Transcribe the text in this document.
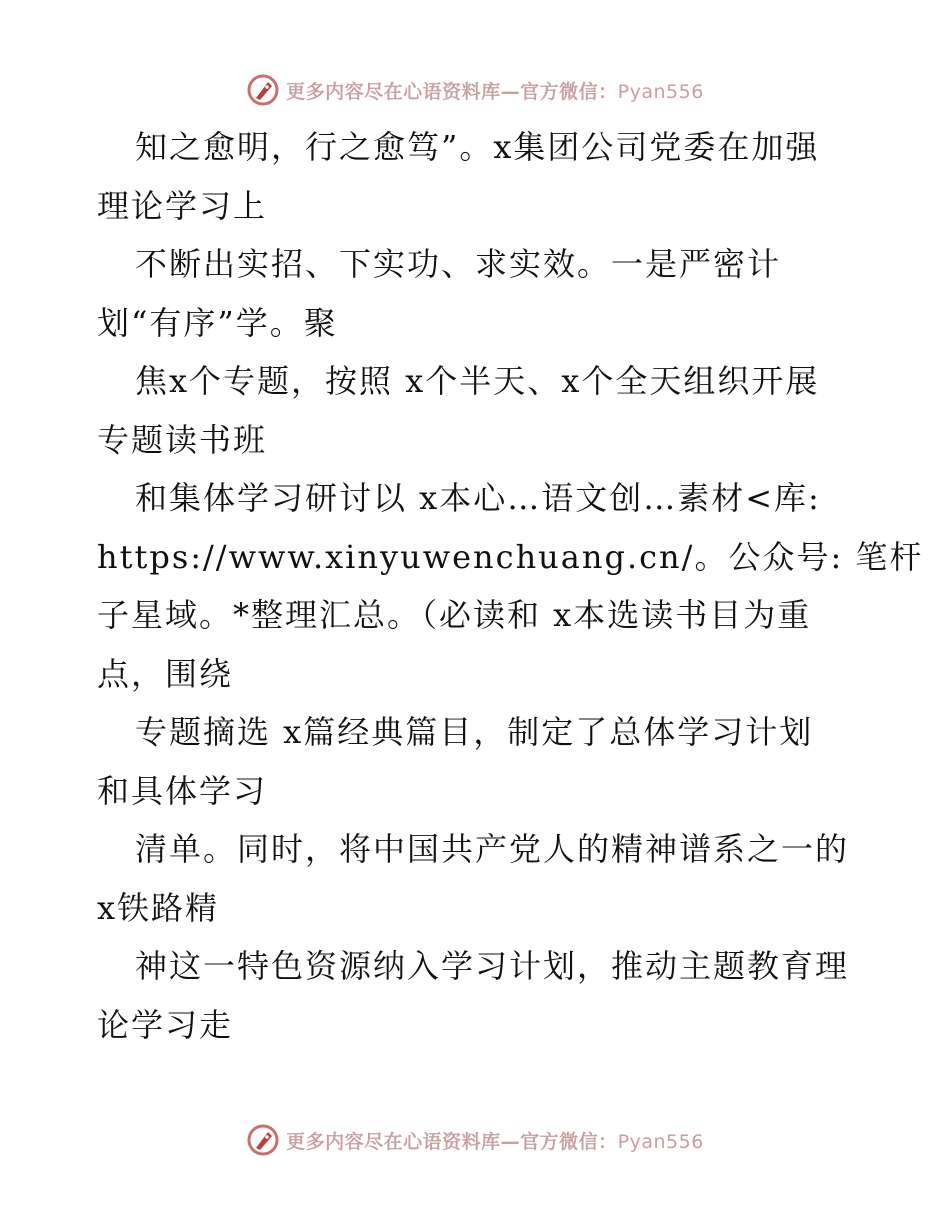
更多内容尽在心语资料库—官方微信：Pyan556
知之愈明，行之愈笃”。x集团公司党委在加强
理论学习上
不断出实招、下实功、求实效。一是严密计
划“有序”学。聚
焦x个专题，按照 x个半天、x个全天组织开展
专题读书班
和集体学习研讨以 x本心…语文创…素材<库:
https://www.xinyuwenchuang.cn/。公众号: 笔杆
子星域。*整理汇总。（必读和 x本选读书目为重
点，围绕
专题摘选 x篇经典篇目，制定了总体学习计划
和具体学习
清单。同时，将中国共产党人的精神谱系之一的
x铁路精
神这一特色资源纳入学习计划，推动主题教育理
论学习走
更多内容尽在心语资料库—官方微信：Pyan556
